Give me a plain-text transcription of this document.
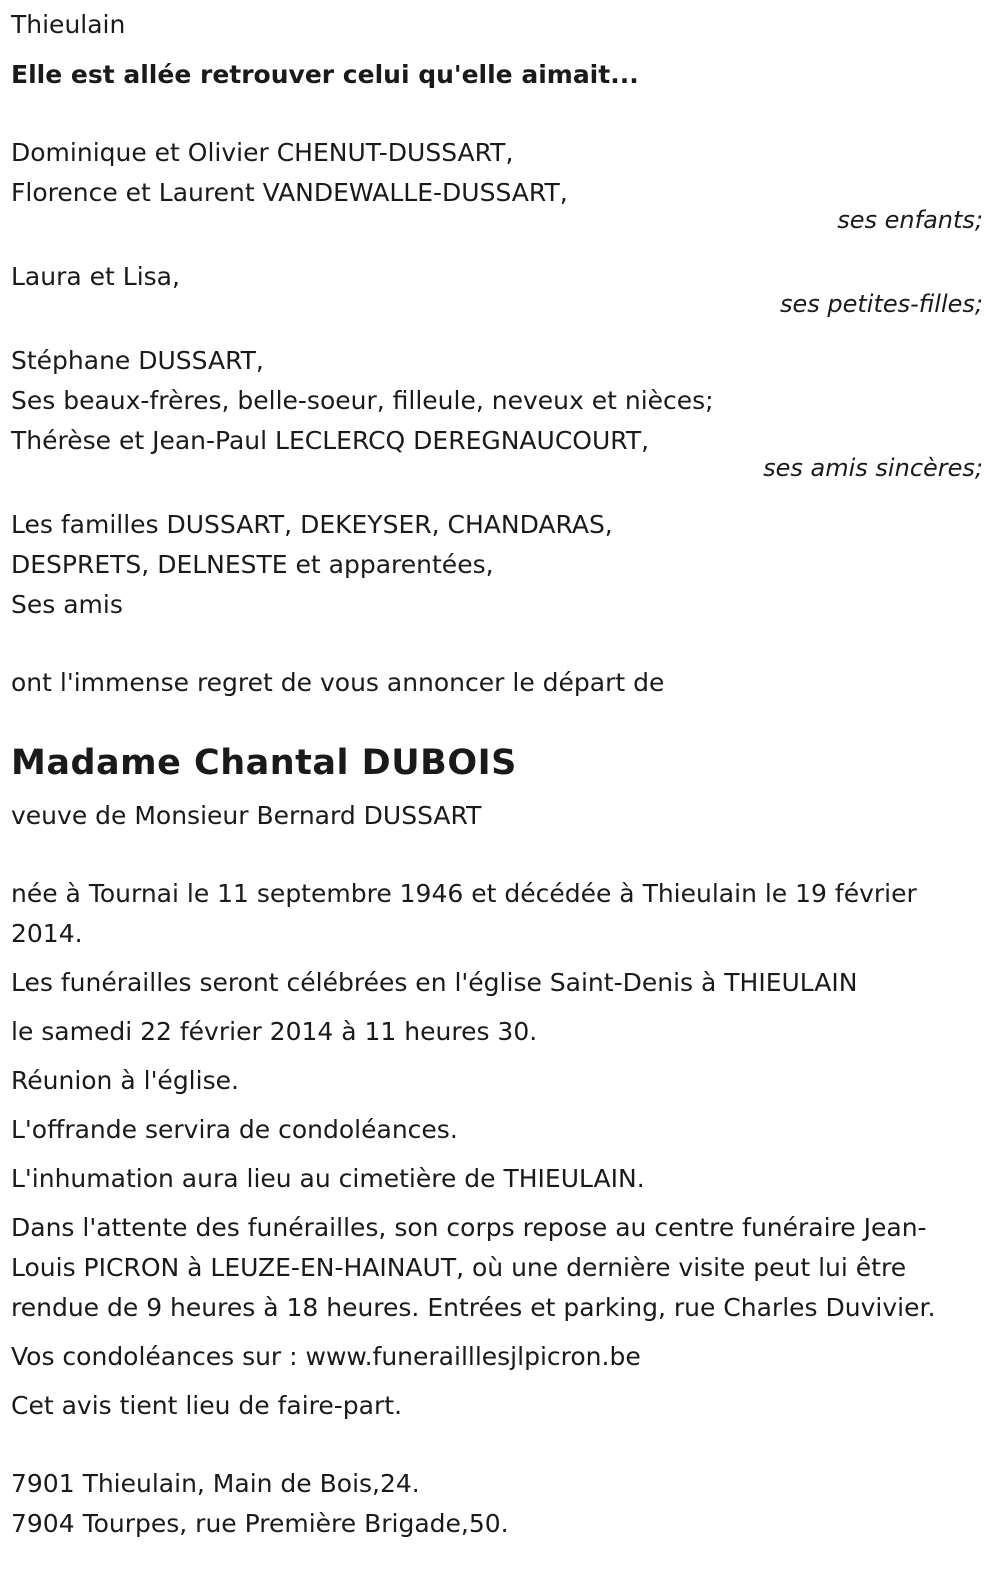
Thieulain
Elle est allée retrouver celui qu'elle aimait...
Dominique et Olivier CHENUT-DUSSART,
Florence et Laurent VANDEWALLE-DUSSART,
ses enfants;
Laura et Lisa,
ses petites-filles;
Stéphane DUSSART,
Ses beaux-frères, belle-soeur, filleule, neveux et nièces;
Thérèse et Jean-Paul LECLERCQ DEREGNAUCOURT,
ses amis sincères;
Les familles DUSSART, DEKEYSER, CHANDARAS,
DESPRETS, DELNESTE et apparentées,
Ses amis
ont l'immense regret de vous annoncer le départ de
Madame Chantal DUBOIS
veuve de Monsieur Bernard DUSSART
née à Tournai le 11 septembre 1946 et décédée à Thieulain le 19 février 2014.
Les funérailles seront célébrées en l'église Saint-Denis à THIEULAIN
le samedi 22 février 2014 à 11 heures 30.
Réunion à l'église.
L'offrande servira de condoléances.
L'inhumation aura lieu au cimetière de THIEULAIN.
Dans l'attente des funérailles, son corps repose au centre funéraire Jean-Louis PICRON à LEUZE-EN-HAINAUT, où une dernière visite peut lui être rendue de 9 heures à 18 heures. Entrées et parking, rue Charles Duvivier.
Vos condoléances sur : www.funerailllesjlpicron.be
Cet avis tient lieu de faire-part.
7901 Thieulain, Main de Bois,24.
7904 Tourpes, rue Première Brigade,50.
